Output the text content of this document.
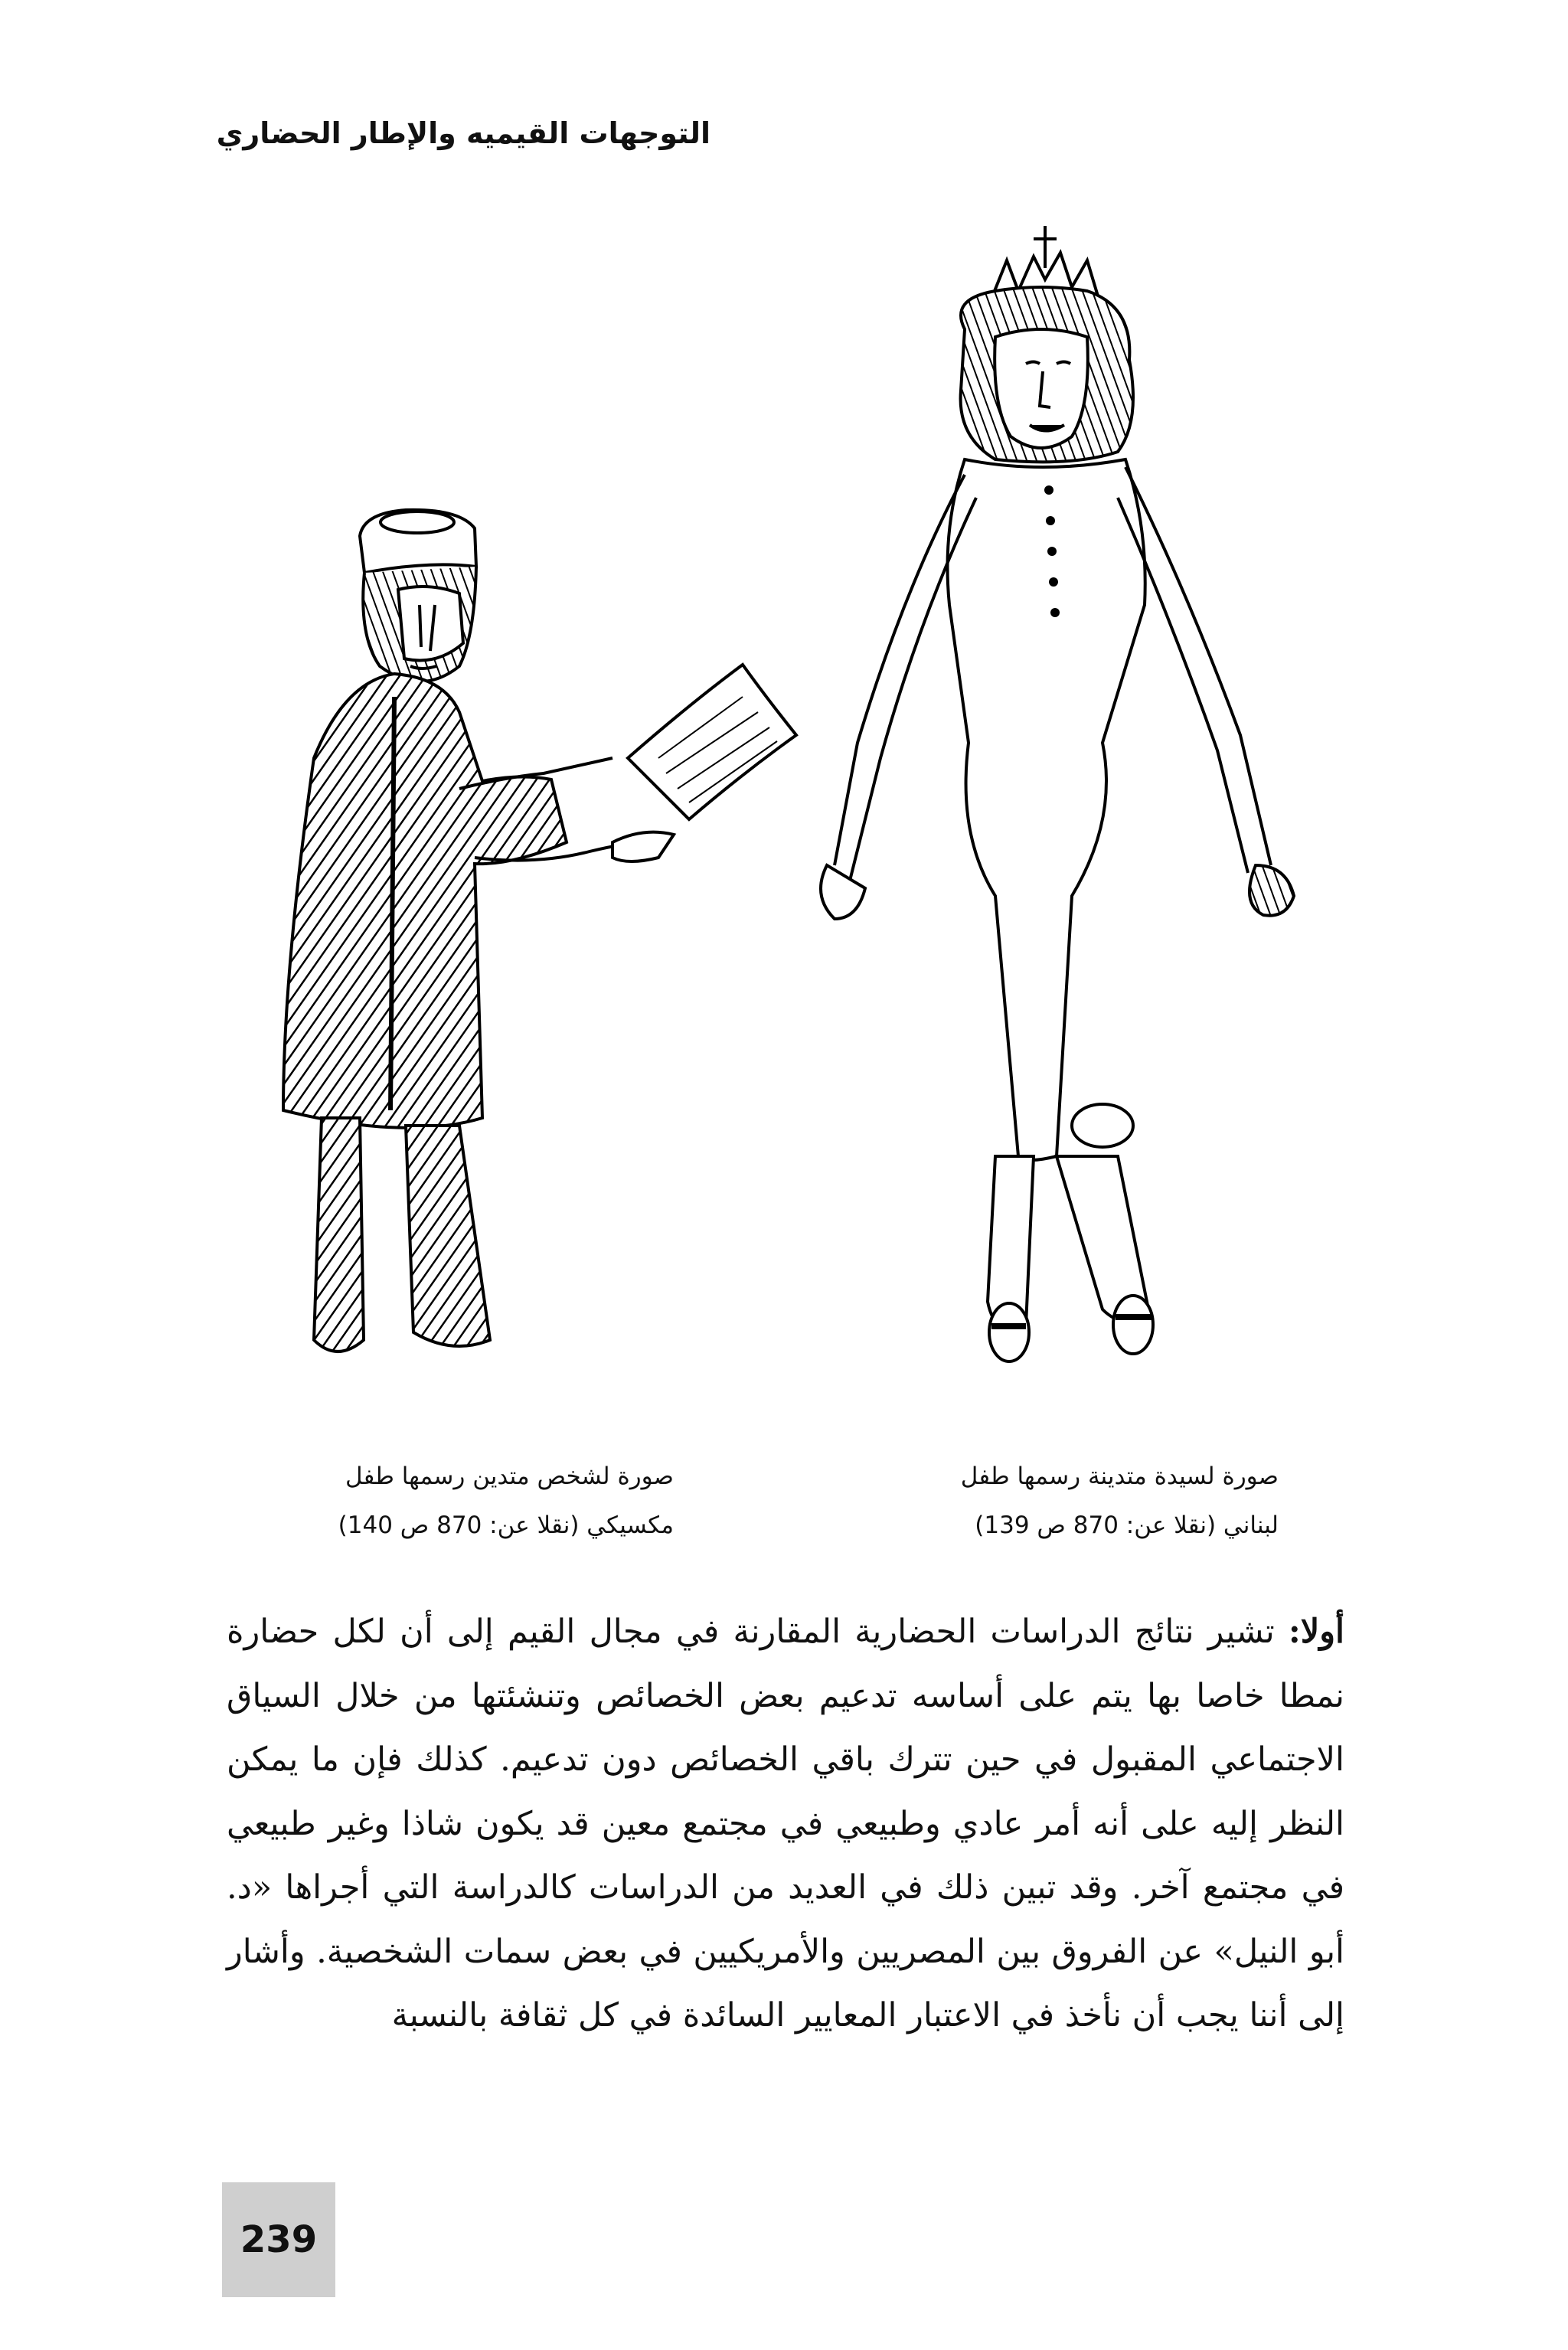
التوجهات القيميه والإطار الحضاري

صورة لشخص متدين رسمها طفل

مكسيكي (نقلا عن: 870 ص 140)

صورة لسيدة متدينة رسمها طفل

لبناني (نقلا عن: 870 ص 139)

أولا: تشير نتائج الدراسات الحضارية المقارنة في مجال القيم إلى أن لكل حضارة نمطا خاصا بها يتم على أساسه تدعيم بعض الخصائص وتنشئتها من خلال السياق الاجتماعي المقبول في حين تترك باقي الخصائص دون تدعيم. كذلك فإن ما يمكن النظر إليه على أنه أمر عادي وطبيعي في مجتمع معين قد يكون شاذا وغير طبيعي في مجتمع آخر. وقد تبين ذلك في العديد من الدراسات كالدراسة التي أجراها «د. أبو النيل» عن الفروق بين المصريين والأمريكيين في بعض سمات الشخصية. وأشار إلى أننا يجب أن نأخذ في الاعتبار المعايير السائدة في كل ثقافة بالنسبة
239
